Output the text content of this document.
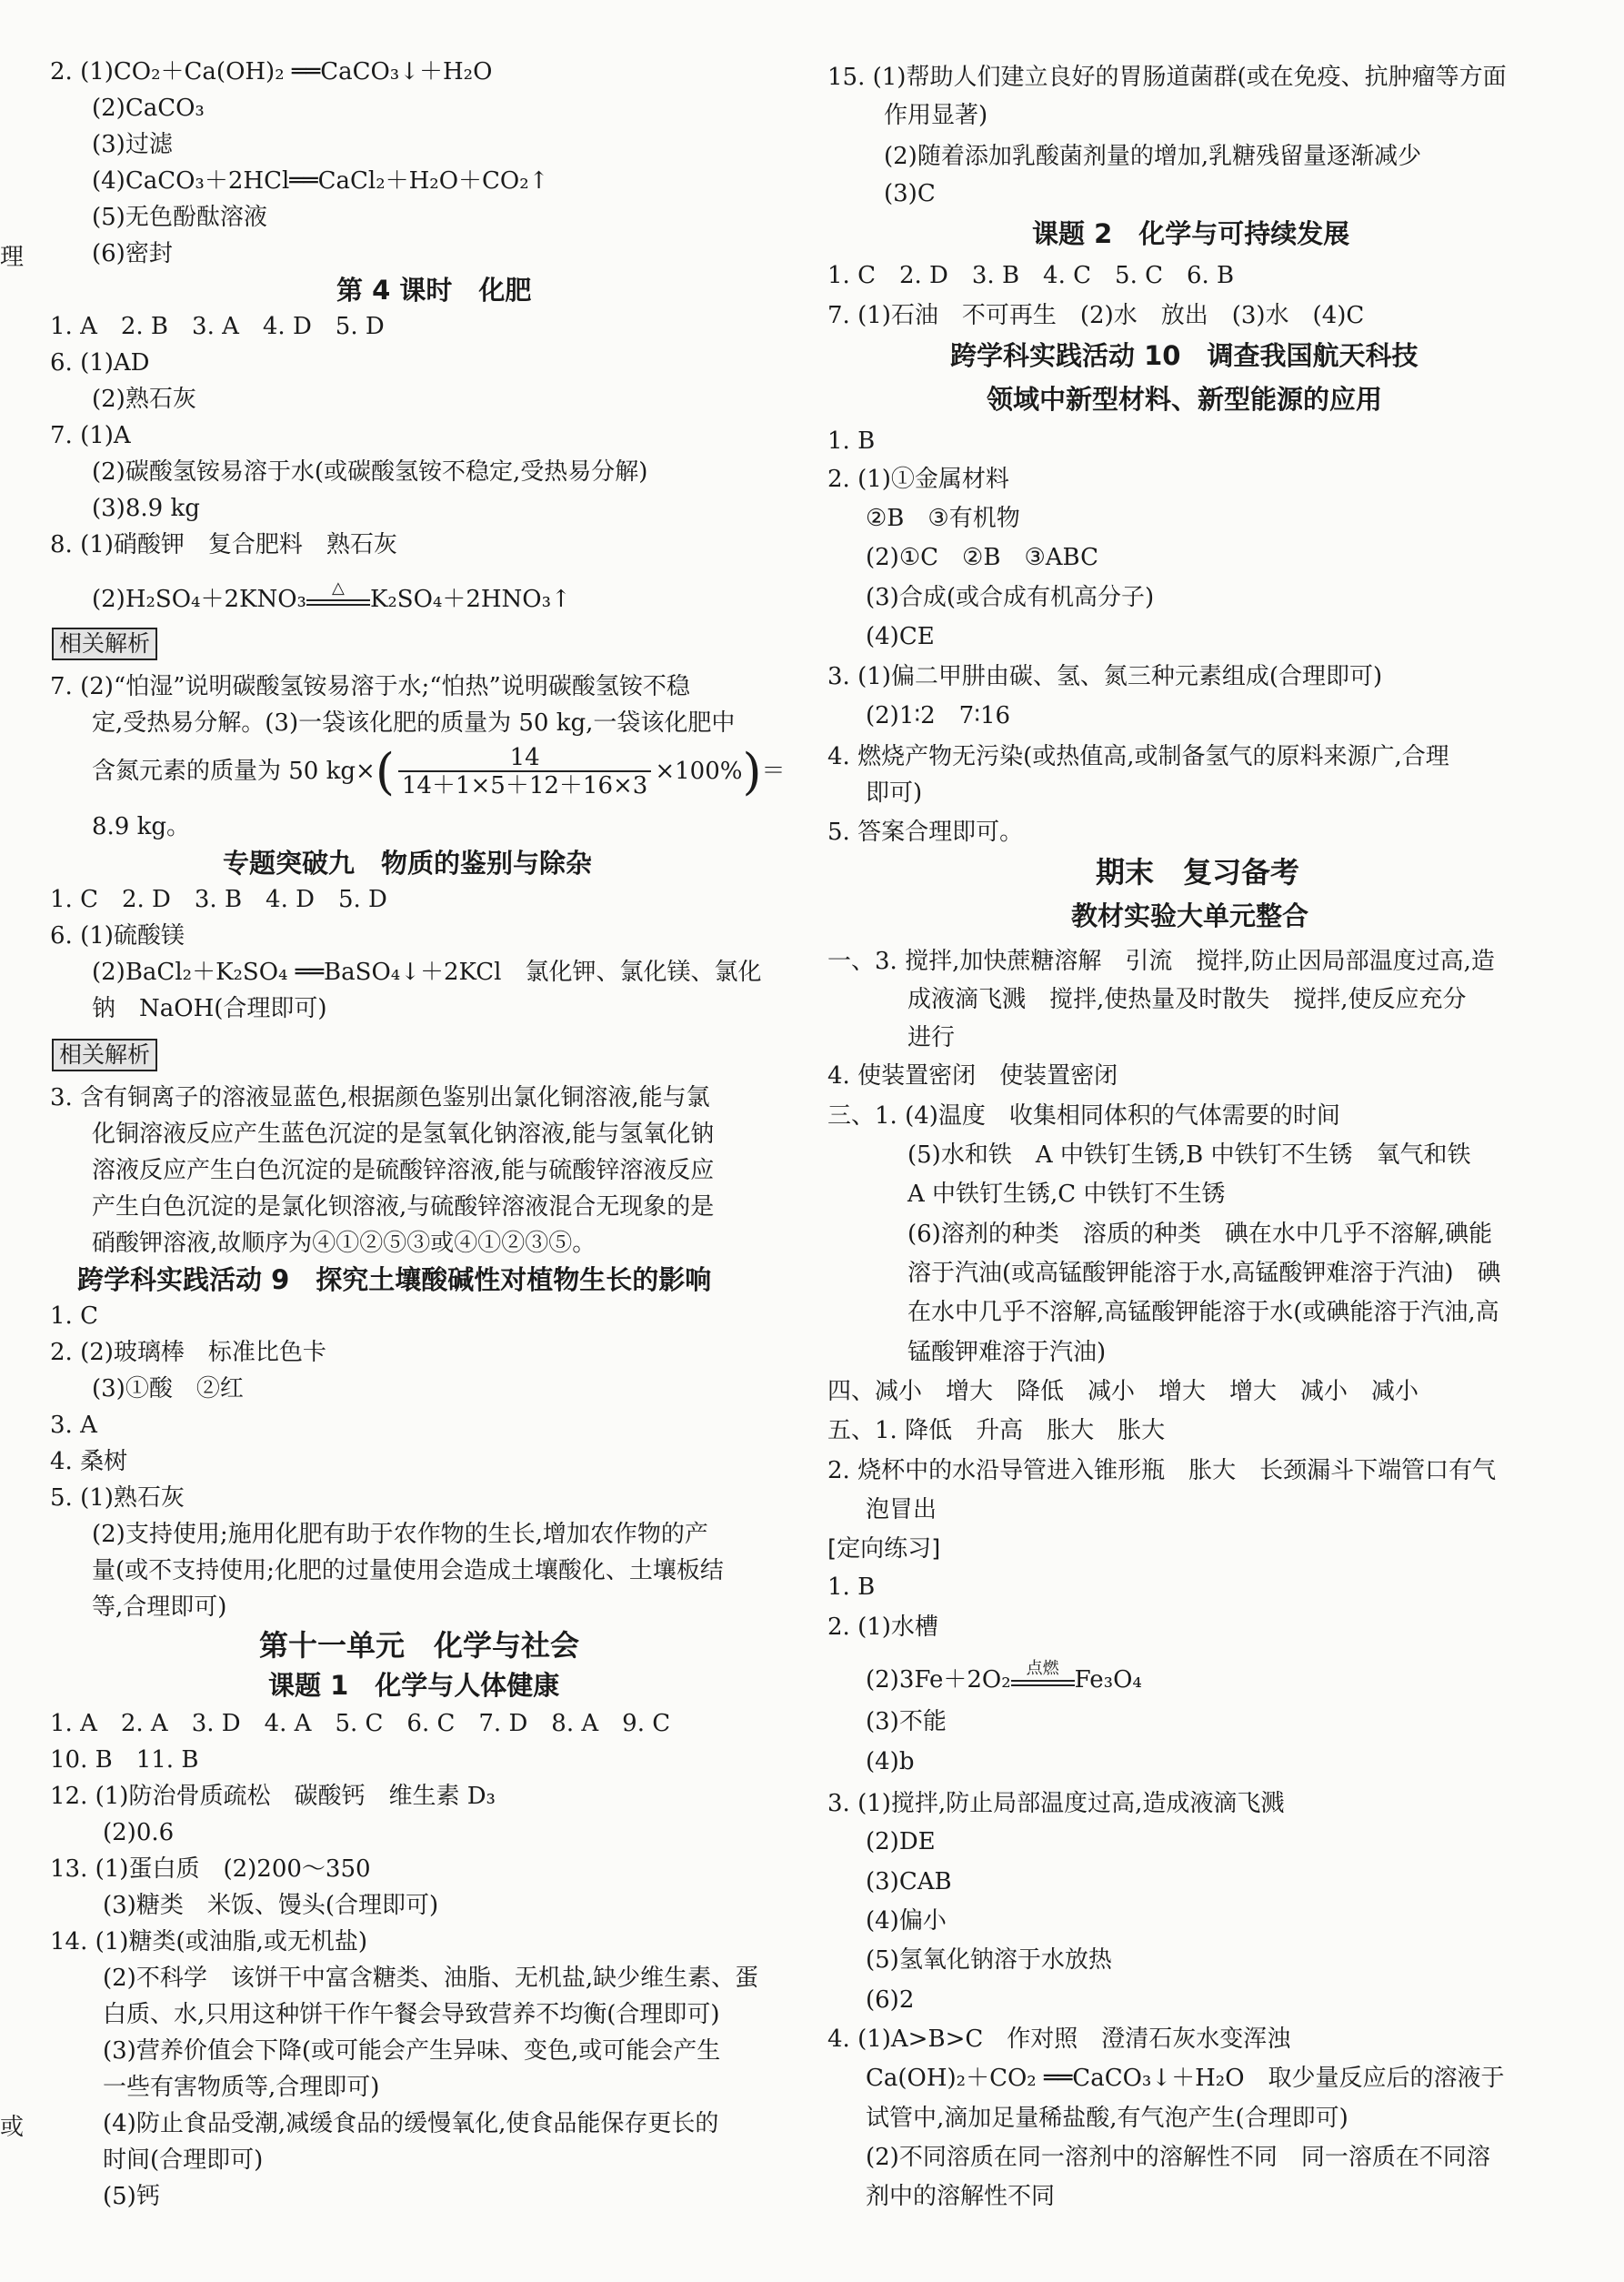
理
或
2. (1)CO₂＋Ca(OH)₂ ══CaCO₃↓＋H₂O
(2)CaCO₃
(3)过滤
(4)CaCO₃＋2HCl══CaCl₂＋H₂O＋CO₂↑
(5)无色酚酞溶液
(6)密封
第 4 课时　化肥
1. A　2. B　3. A　4. D　5. D
6. (1)AD
(2)熟石灰
7. (1)A
(2)碳酸氢铵易溶于水(或碳酸氢铵不稳定,受热易分解)
(3)8.9 kg
8. (1)硝酸钾　复合肥料　熟石灰
(2)H₂SO₄＋2KNO₃	△	K₂SO₄＋2HNO₃↑
相关解析
7. (2)“怕湿”说明碳酸氢铵易溶于水;“怕热”说明碳酸氢铵不稳
定,受热易分解。(3)一袋该化肥的质量为 50 kg,一袋该化肥中
含氮元素的质量为 50 $kg\times( \frac{14}{14+1\times 5+12+16\times 3} \times 100\%)=$
8.9 kg。
专题突破九　物质的鉴别与除杂
1. C　2. D　3. B　4. D　5. D
6. (1)硫酸镁
(2)BaCl₂＋K₂SO₄ ══BaSO₄↓＋2KCl　氯化钾、氯化镁、氯化
钠　NaOH(合理即可)
相关解析
3. 含有铜离子的溶液显蓝色,根据颜色鉴别出氯化铜溶液,能与氯
化铜溶液反应产生蓝色沉淀的是氢氧化钠溶液,能与氢氧化钠
溶液反应产生白色沉淀的是硫酸锌溶液,能与硫酸锌溶液反应
产生白色沉淀的是氯化钡溶液,与硫酸锌溶液混合无现象的是
硝酸钾溶液,故顺序为④①②⑤③或④①②③⑤。
跨学科实践活动 9　探究土壤酸碱性对植物生长的影响
1. C
2. (2)玻璃棒　标准比色卡
(3)①酸　②红
3. A
4. 桑树
5. (1)熟石灰
(2)支持使用;施用化肥有助于农作物的生长,增加农作物的产
量(或不支持使用;化肥的过量使用会造成土壤酸化、土壤板结
等,合理即可)
第十一单元　化学与社会
课题 1　化学与人体健康
1. A　2. A　3. D　4. A　5. C　6. C　7. D　8. A　9. C
10. B　11. B
12. (1)防治骨质疏松　碳酸钙　维生素 D₃
(2)0.6
13. (1)蛋白质　(2)200～350
(3)糖类　米饭、馒头(合理即可)
14. (1)糖类(或油脂,或无机盐)
(2)不科学　该饼干中富含糖类、油脂、无机盐,缺少维生素、蛋
白质、水,只用这种饼干作午餐会导致营养不均衡(合理即可)
(3)营养价值会下降(或可能会产生异味、变色,或可能会产生
一些有害物质等,合理即可)
(4)防止食品受潮,减缓食品的缓慢氧化,使食品能保存更长的
时间(合理即可)
(5)钙
15. (1)帮助人们建立良好的胃肠道菌群(或在免疫、抗肿瘤等方面
作用显著)
(2)随着添加乳酸菌剂量的增加,乳糖残留量逐渐减少
(3)C
课题 2　化学与可持续发展
1. C　2. D　3. B　4. C　5. C　6. B
7. (1)石油　不可再生　(2)水　放出　(3)水　(4)C
跨学科实践活动 10　调查我国航天科技
领域中新型材料、新型能源的应用
1. B
2. (1)①金属材料
②B　③有机物
(2)①C　②B　③ABC
(3)合成(或合成有机高分子)
(4)CE
3. (1)偏二甲肼由碳、氢、氮三种元素组成(合理即可)
(2)1∶2　7∶16
4. 燃烧产物无污染(或热值高,或制备氢气的原料来源广,合理
即可)
5. 答案合理即可。
期末　复习备考
教材实验大单元整合
一、3. 搅拌,加快蔗糖溶解　引流　搅拌,防止因局部温度过高,造
成液滴飞溅　搅拌,使热量及时散失　搅拌,使反应充分
进行
4. 使装置密闭　使装置密闭
三、1. (4)温度　收集相同体积的气体需要的时间
(5)水和铁　A 中铁钉生锈,B 中铁钉不生锈　氧气和铁
A 中铁钉生锈,C 中铁钉不生锈
(6)溶剂的种类　溶质的种类　碘在水中几乎不溶解,碘能
溶于汽油(或高锰酸钾能溶于水,高锰酸钾难溶于汽油)　碘
在水中几乎不溶解,高锰酸钾能溶于水(或碘能溶于汽油,高
锰酸钾难溶于汽油)
四、减小　增大　降低　减小　增大　增大　减小　减小
五、1. 降低　升高　胀大　胀大
2. 烧杯中的水沿导管进入锥形瓶　胀大　长颈漏斗下端管口有气
泡冒出
[定向练习]
1. B
2. (1)水槽
(2)3Fe＋2O₂ 点燃 Fe₃O₄
(3)不能
(4)b
3. (1)搅拌,防止局部温度过高,造成液滴飞溅
(2)DE
(3)CAB
(4)偏小
(5)氢氧化钠溶于水放热
(6)2
4. (1)A>B>C　作对照　澄清石灰水变浑浊
Ca(OH)₂＋CO₂ ══CaCO₃↓＋H₂O　取少量反应后的溶液于
试管中,滴加足量稀盐酸,有气泡产生(合理即可)
(2)不同溶质在同一溶剂中的溶解性不同　同一溶质在不同溶
剂中的溶解性不同
